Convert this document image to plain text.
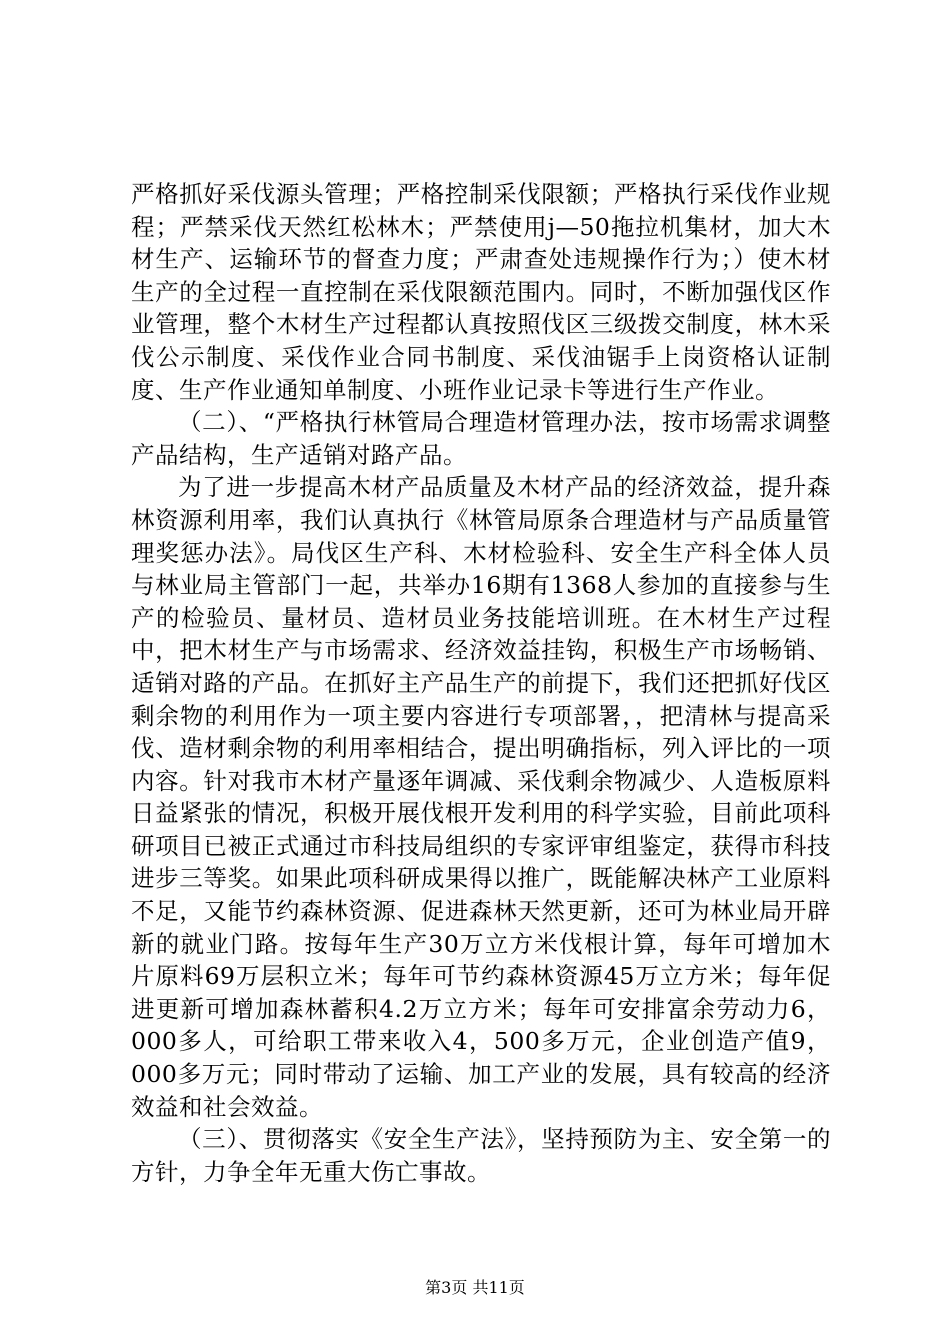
严格抓好采伐源头管理；严格控制采伐限额；严格执行采伐作业规程；严禁采伐天然红松林木；严禁使用j—50拖拉机集材，加大木材生产、运输环节的督查力度；严肃查处违规操作行为；）使木材生产的全过程一直控制在采伐限额范围内。同时，不断加强伐区作业管理，整个木材生产过程都认真按照伐区三级拨交制度，林木采伐公示制度、采伐作业合同书制度、采伐油锯手上岗资格认证制度、生产作业通知单制度、小班作业记录卡等进行生产作业。

（二）、“严格执行林管局合理造材管理办法，按市场需求调整产品结构，生产适销对路产品。

为了进一步提高木材产品质量及木材产品的经济效益，提升森林资源利用率，我们认真执行《林管局原条合理造材与产品质量管理奖惩办法》。局伐区生产科、木材检验科、安全生产科全体人员与林业局主管部门一起，共举办16期有1368人参加的直接参与生产的检验员、量材员、造材员业务技能培训班。在木材生产过程中，把木材生产与市场需求、经济效益挂钩，积极生产市场畅销、适销对路的产品。在抓好主产品生产的前提下，我们还把抓好伐区剩余物的利用作为一项主要内容进行专项部署，，把清林与提高采伐、造材剩余物的利用率相结合，提出明确指标，列入评比的一项内容。针对我市木材产量逐年调减、采伐剩余物减少、人造板原料日益紧张的情况，积极开展伐根开发利用的科学实验，目前此项科研项目已被正式通过市科技局组织的专家评审组鉴定，获得市科技进步三等奖。如果此项科研成果得以推广，既能解决林产工业原料不足，又能节约森林资源、促进森林天然更新，还可为林业局开辟新的就业门路。按每年生产30万立方米伐根计算，每年可增加木片原料69万层积立米；每年可节约森林资源45万立方米；每年促进更新可增加森林蓄积4.2万立方米；每年可安排富余劳动力6，000多人，可给职工带来收入4，500多万元，企业创造产值9，000多万元；同时带动了运输、加工产业的发展，具有较高的经济效益和社会效益。

（三）、贯彻落实《安全生产法》，坚持预防为主、安全第一的方针，力争全年无重大伤亡事故。

第3页 共11页
